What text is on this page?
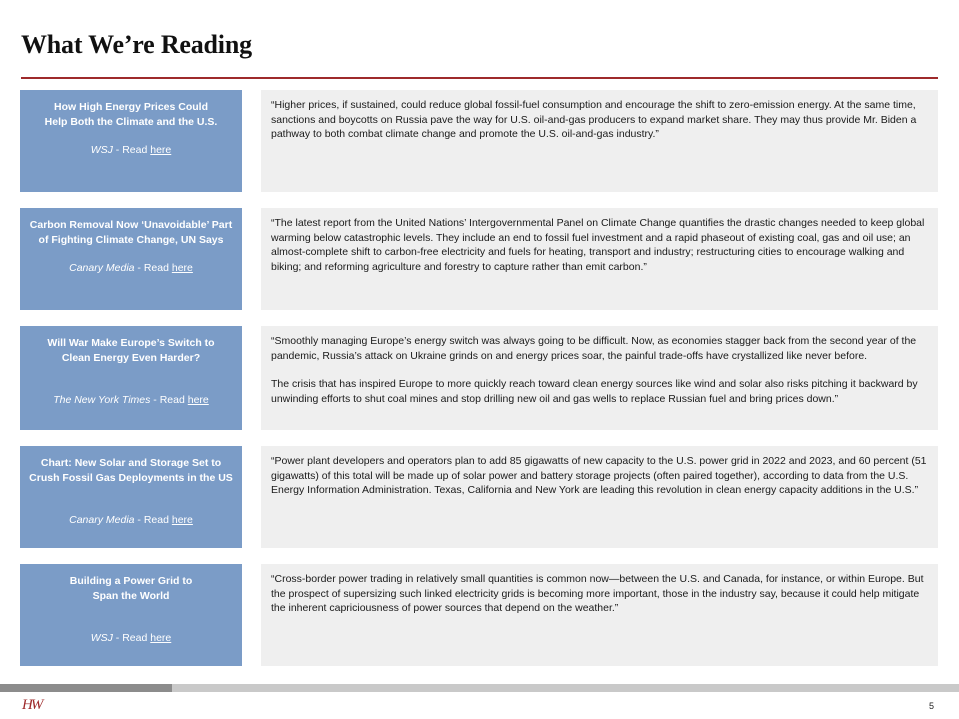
What We’re Reading
How High Energy Prices Could Help Both the Climate and the U.S.
WSJ - Read here

“Higher prices, if sustained, could reduce global fossil-fuel consumption and encourage the shift to zero-emission energy. At the same time, sanctions and boycotts on Russia pave the way for U.S. oil-and-gas producers to expand market share. They may thus provide Mr. Biden a pathway to both combat climate change and promote the U.S. oil-and-gas industry.”

Carbon Removal Now ‘Unavoidable’ Part of Fighting Climate Change, UN Says
Canary Media - Read here

“The latest report from the United Nations’ Intergovernmental Panel on Climate Change quantifies the drastic changes needed to keep global warming below catastrophic levels. They include an end to fossil fuel investment and a rapid phaseout of existing coal, gas and oil use; an almost-complete shift to carbon-free electricity and fuels for heating, transport and industry; restructuring cities to encourage walking and biking; and reforming agriculture and forestry to capture rather than emit carbon.”

Will War Make Europe’s Switch to Clean Energy Even Harder?
The New York Times - Read here

“Smoothly managing Europe’s energy switch was always going to be difficult. Now, as economies stagger back from the second year of the pandemic, Russia’s attack on Ukraine grinds on and energy prices soar, the painful trade-offs have crystallized like never before.

The crisis that has inspired Europe to more quickly reach toward clean energy sources like wind and solar also risks pitching it backward by unwinding efforts to shut coal mines and stop drilling new oil and gas wells to replace Russian fuel and bring prices down.”

Chart: New Solar and Storage Set to Crush Fossil Gas Deployments in the US
Canary Media - Read here

“Power plant developers and operators plan to add 85 gigawatts of new capacity to the U.S. power grid in 2022 and 2023, and 60 percent (51 gigawatts) of this total will be made up of solar power and battery storage projects (often paired together), according to data from the U.S. Energy Information Administration. Texas, California and New York are leading this revolution in clean energy capacity additions in the U.S.”

Building a Power Grid to Span the World
WSJ - Read here

“Cross-border power trading in relatively small quantities is common now—between the U.S. and Canada, for instance, or within Europe. But the prospect of supersizing such linked electricity grids is becoming more important, those in the industry say, because it could help mitigate the inherent capriciousness of power sources that depend on the weather.”

HW	5
